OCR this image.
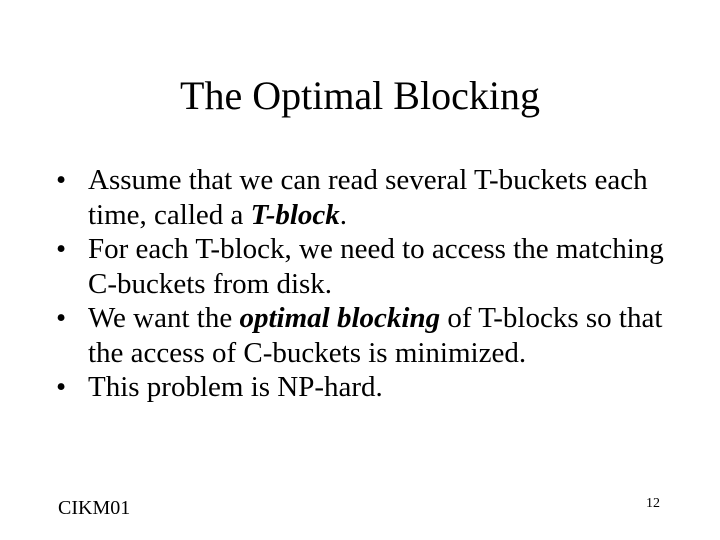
The Optimal Blocking
• Assume that we can read several T-buckets each time, called a T-block.
• For each T-block, we need to access the matching C-buckets from disk.
• We want the optimal blocking of T-blocks so that the access of C-buckets is minimized.
• This problem is NP-hard.
CIKM01	12
